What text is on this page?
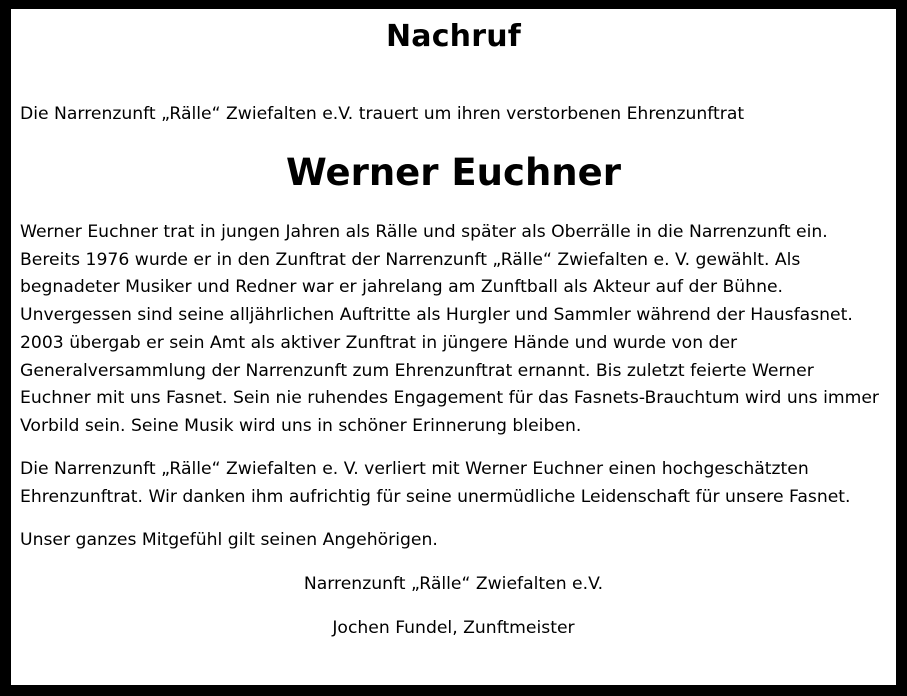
Nachruf
Die Narrenzunft „Rälle“ Zwiefalten e.V. trauert um ihren verstorbenen Ehrenzunftrat
Werner Euchner

Werner Euchner trat in jungen Jahren als Rälle und später als Oberrälle in die Narrenzunft ein. Bereits 1976 wurde er in den Zunftrat der Narrenzunft „Rälle“ Zwiefalten e. V. gewählt. Als begnadeter Musiker und Redner war er jahrelang am Zunftball als Akteur auf der Bühne. Unvergessen sind seine alljährlichen Auftritte als Hurgler und Sammler während der Hausfasnet. 2003 übergab er sein Amt als aktiver Zunftrat in jüngere Hände und wurde von der Generalversammlung der Narrenzunft zum Ehrenzunftrat ernannt. Bis zuletzt feierte Werner Euchner mit uns Fasnet. Sein nie ruhendes Engagement für das Fasnets-Brauchtum wird uns immer Vorbild sein. Seine Musik wird uns in schöner Erinnerung bleiben.

Die Narrenzunft „Rälle“ Zwiefalten e. V. verliert mit Werner Euchner einen hochgeschätzten Ehrenzunftrat. Wir danken ihm aufrichtig für seine unermüdliche Leidenschaft für unsere Fasnet.

Unser ganzes Mitgefühl gilt seinen Angehörigen.

Narrenzunft „Rälle“ Zwiefalten e.V.
Jochen Fundel, Zunftmeister
